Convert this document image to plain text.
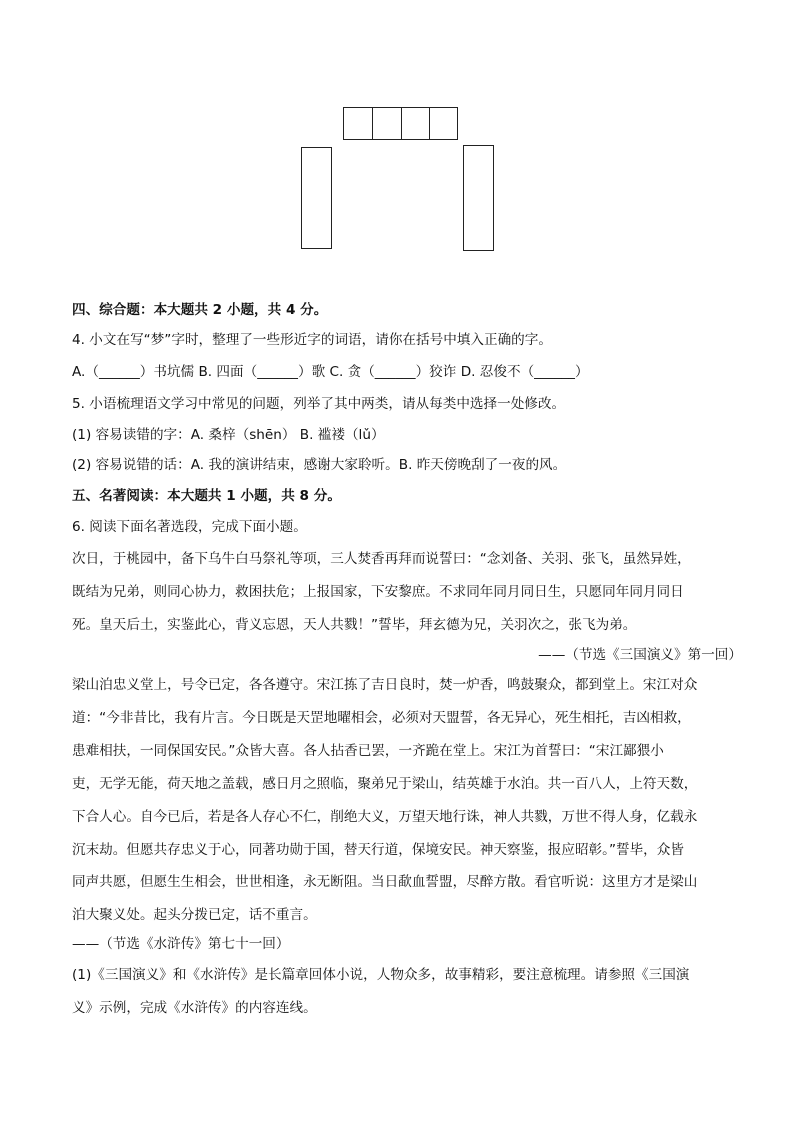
四、综合题：本大题共 2 小题，共 4 分。
4. 小文在写“梦”字时，整理了一些形近字的词语，请你在括号中填入正确的字。
A.（______）书坑儒 B. 四面（______）歌 C. 贪（______）狡诈 D. 忍俊不（______）
5. 小语梳理语文学习中常见的问题，列举了其中两类，请从每类中选择一处修改。
(1) 容易读错的字：A. 桑梓（shēn） B. 褴褛（lǔ）
(2) 容易说错的话：A. 我的演讲结束，感谢大家聆听。B. 昨天傍晚刮了一夜的风。
五、名著阅读：本大题共 1 小题，共 8 分。
6. 阅读下面名著选段，完成下面小题。
次日，于桃园中，备下乌牛白马祭礼等项，三人焚香再拜而说誓曰：“念刘备、关羽、张飞，虽然异姓，
既结为兄弟，则同心协力，救困扶危；上报国家，下安黎庶。不求同年同月同日生，只愿同年同月同日
死。皇天后土，实鉴此心，背义忘恩，天人共戮！”誓毕，拜玄德为兄，关羽次之，张飞为弟。
——（节选《三国演义》第一回）
梁山泊忠义堂上，号令已定，各各遵守。宋江拣了吉日良时，焚一炉香，鸣鼓聚众，都到堂上。宋江对众
道：“今非昔比，我有片言。今日既是天罡地曜相会，必须对天盟誓，各无异心，死生相托，吉凶相救，
患难相扶，一同保国安民。”众皆大喜。各人拈香已罢，一齐跪在堂上。宋江为首誓曰：“宋江鄙猥小
吏，无学无能，荷天地之盖载，感日月之照临，聚弟兄于梁山，结英雄于水泊。共一百八人，上符天数，
下合人心。自今已后，若是各人存心不仁，削绝大义，万望天地行诛，神人共戮，万世不得人身，亿载永
沉末劫。但愿共存忠义于心，同著功勋于国，替天行道，保境安民。神天察鉴，报应昭彰。”誓毕，众皆
同声共愿，但愿生生相会，世世相逢，永无断阻。当日歃血誓盟，尽醉方散。看官听说：这里方才是梁山
泊大聚义处。起头分拨已定，话不重言。
——（节选《水浒传》第七十一回）
(1)《三国演义》和《水浒传》是长篇章回体小说，人物众多，故事精彩，要注意梳理。请参照《三国演
义》示例，完成《水浒传》的内容连线。
